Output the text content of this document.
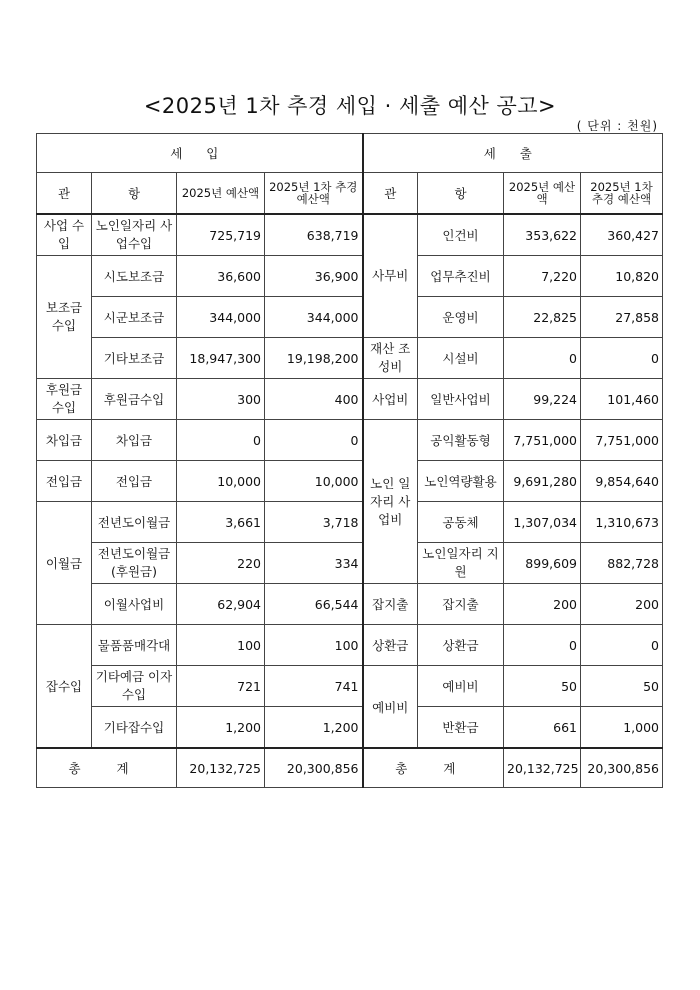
<2025년 1차 추경 세입 · 세출 예산 공고>
( 단위 : 천원)
세 입				세 출			
관	항	2025년 예산액	2025년 1차 추경 예산액	관	항	2025년 예산액	2025년 1차 추경 예산액
사업 수입	노인일자리 사업수입	725,719	638,719	사무비	인건비	353,622	360,427
보조금 수입	시도보조금	36,600	36,900		업무추진비	7,220	10,820
	시군보조금	344,000	344,000		운영비	22,825	27,858
	기타보조금	18,947,300	19,198,200	재산 조성비	시설비	0	0
후원금 수입	후원금수입	300	400	사업비	일반사업비	99,224	101,460
차입금	차입금	0	0	노인 일자리 사업비	공익활동형	7,751,000	7,751,000
전입금	전입금	10,000	10,000		노인역량활용	9,691,280	9,854,640
이월금	전년도이월금	3,661	3,718		공동체	1,307,034	1,310,673
	전년도이월금 (후원금)	220	334		노인일자리 지원	899,609	882,728
	이월사업비	62,904	66,544	잡지출	잡지출	200	200
잡수입	물품품매각대	100	100	상환금	상환금	0	0
	기타예금 이자수입	721	741	예비비	예비비	50	50
	기타잡수입	1,200	1,200		반환금	661	1,000
총 계		20,132,725	20,300,856	총 계		20,132,725	20,300,856
